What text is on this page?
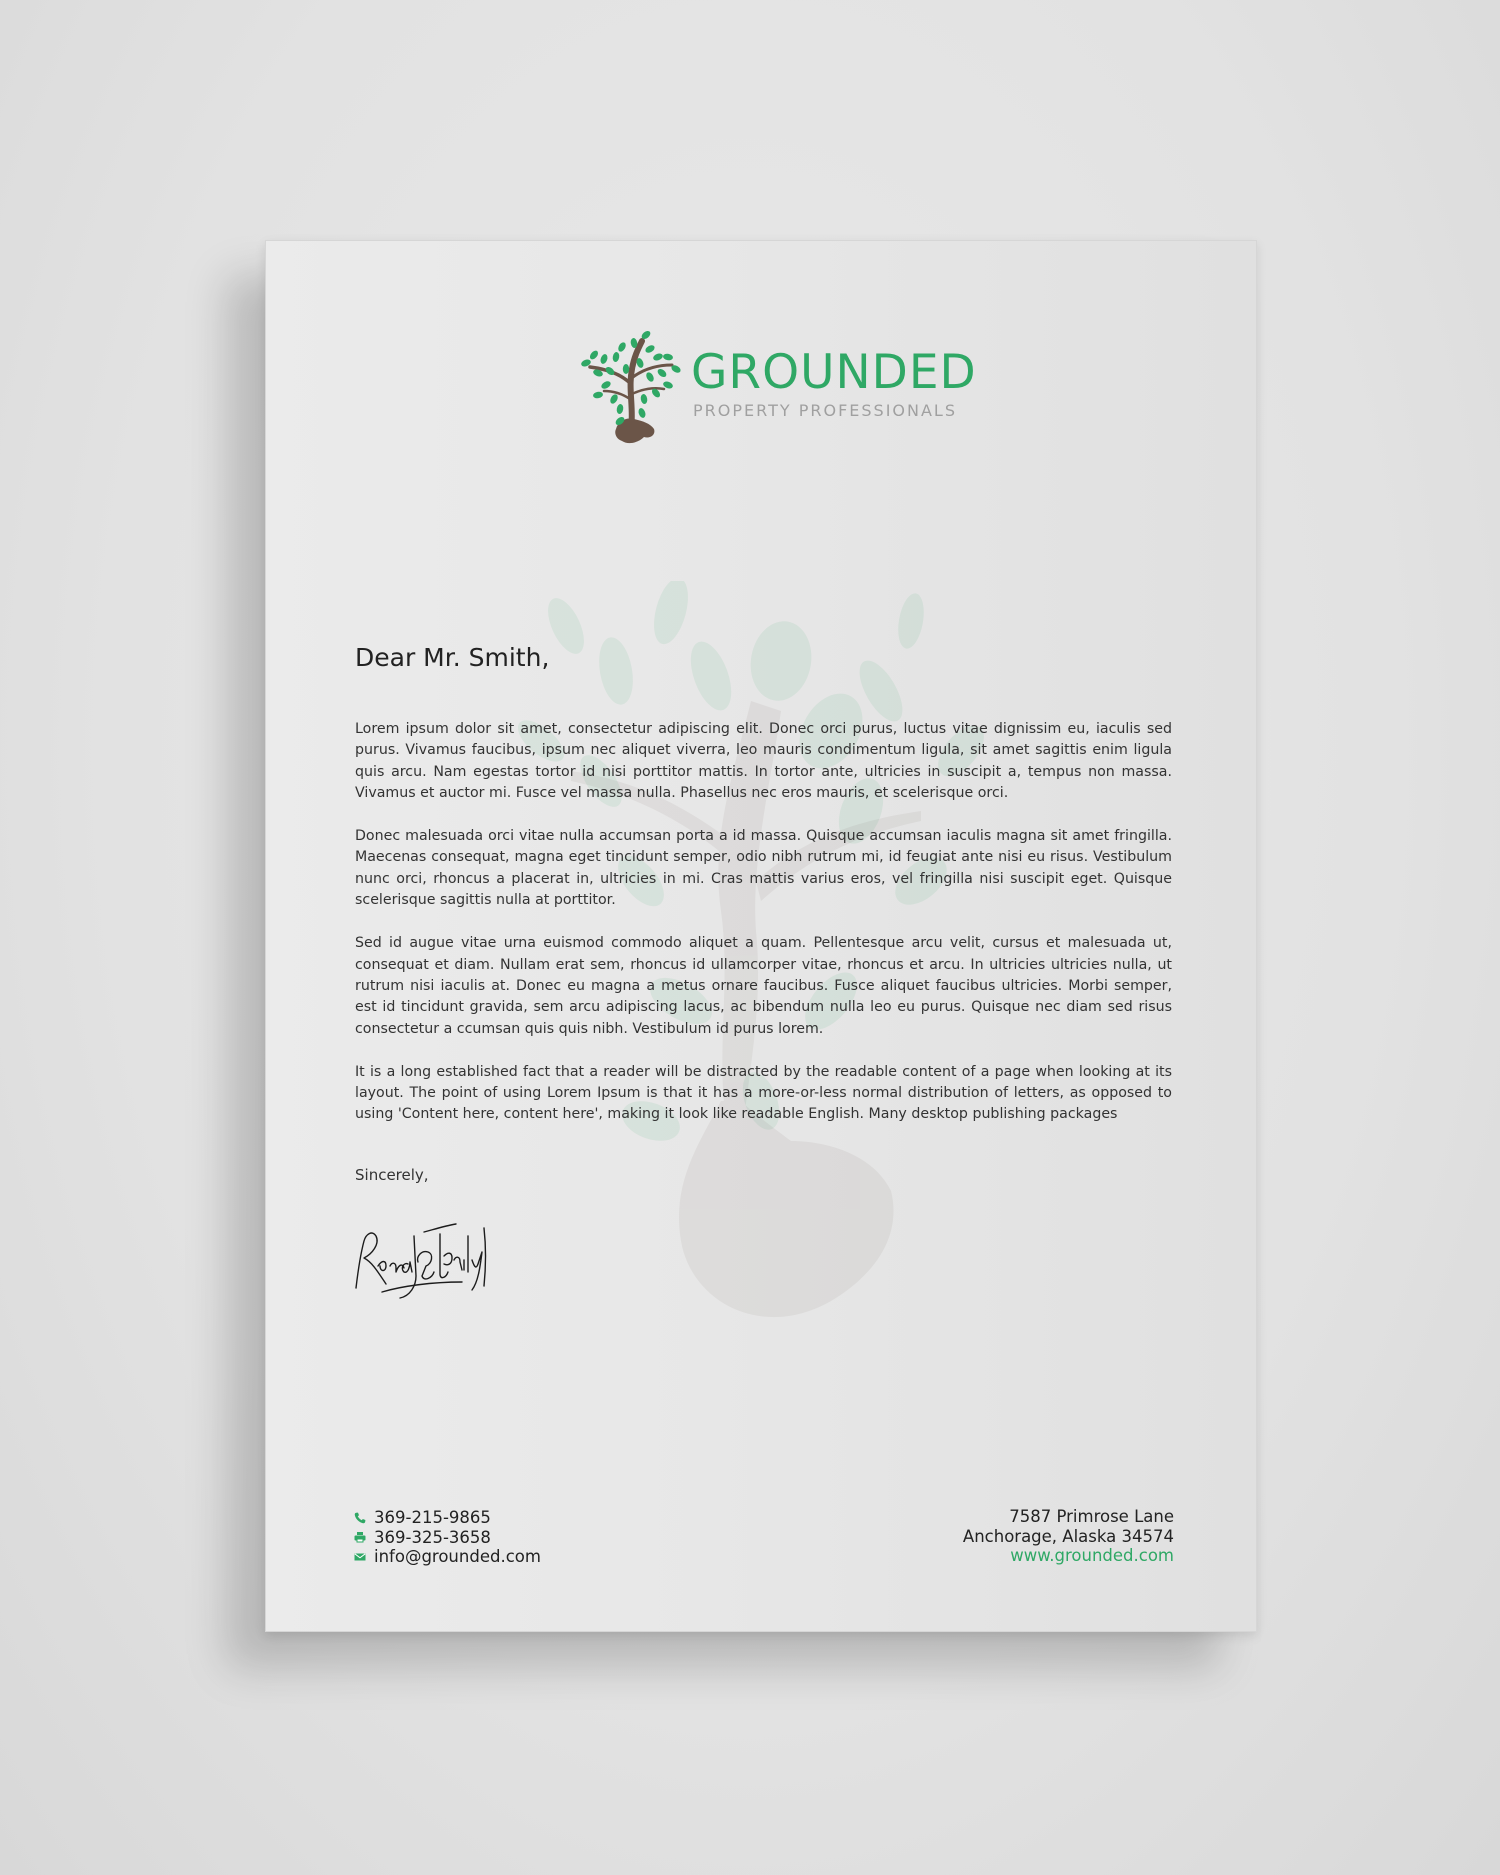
GROUNDED
PROPERTY PROFESSIONALS
Dear Mr. Smith,

Lorem ipsum dolor sit amet, consectetur adipiscing elit. Donec orci purus, luctus vitae dignissim eu, iaculis sed purus. Vivamus faucibus, ipsum nec aliquet viverra, leo mauris condimentum ligula, sit amet sagittis enim ligula quis arcu. Nam egestas tortor id nisi porttitor mattis. In tortor ante, ultricies in suscipit a, tempus non massa. Vivamus et auctor mi. Fusce vel massa nulla. Phasellus nec eros mauris, et scelerisque orci.

Donec malesuada orci vitae nulla accumsan porta a id massa. Quisque accumsan iaculis magna sit amet fringilla. Maecenas consequat, magna eget tincidunt semper, odio nibh rutrum mi, id feugiat ante nisi eu risus. Vestibulum nunc orci, rhoncus a placerat in, ultricies in mi. Cras mattis varius eros, vel fringilla nisi suscipit eget. Quisque scelerisque sagittis nulla at porttitor.

Sed id augue vitae urna euismod commodo aliquet a quam. Pellentesque arcu velit, cursus et malesuada ut, consequat et diam. Nullam erat sem, rhoncus id ullamcorper vitae, rhoncus et arcu. In ultricies ultricies nulla, ut rutrum nisi iaculis at. Donec eu magna a metus ornare faucibus. Fusce aliquet faucibus ultricies. Morbi semper, est id tincidunt gravida, sem arcu adipiscing lacus, ac bibendum nulla leo eu purus. Quisque nec diam sed risus consectetur a ccumsan quis quis nibh. Vestibulum id purus lorem.

It is a long established fact that a reader will be distracted by the readable content of a page when looking at its layout. The point of using Lorem Ipsum is that it has a more-or-less normal distribution of letters, as opposed to using 'Content here, content here', making it look like readable English. Many desktop publishing packages

Sincerely,
369-215-9865
369-325-3658
info@grounded.com
7587 Primrose Lane
Anchorage, Alaska 34574
www.grounded.com
